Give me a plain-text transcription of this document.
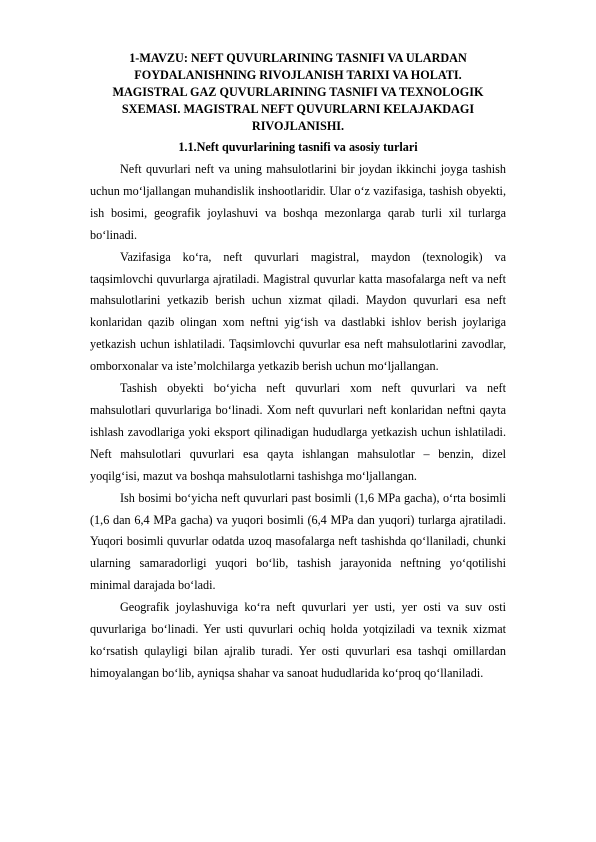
1-MAVZU: NEFT QUVURLARINING TASNIFI VA ULARDAN
FOYDALANISHNING RIVOJLANISH TARIXI VA HOLATI.
MAGISTRAL GAZ QUVURLARINING TASNIFI VA TEXNOLOGIK
SXEMASI. MAGISTRAL NEFT QUVURLARNI KELAJAKDAGI
RIVOJLANISHI.
1.1.Neft quvurlarining tasnifi va asosiy turlari

Neft quvurlari neft va uning mahsulotlarini bir joydan ikkinchi joyga tashish uchun mo‘ljallangan muhandislik inshootlaridir. Ular o‘z vazifasiga, tashish obyekti, ish bosimi, geografik joylashuvi va boshqa mezonlarga qarab turli xil turlarga bo‘linadi.

Vazifasiga ko‘ra, neft quvurlari magistral, maydon (texnologik) va taqsimlovchi quvurlarga ajratiladi. Magistral quvurlar katta masofalarga neft va neft mahsulotlarini yetkazib berish uchun xizmat qiladi. Maydon quvurlari esa neft konlaridan qazib olingan xom neftni yig‘ish va dastlabki ishlov berish joylariga yetkazish uchun ishlatiladi. Taqsimlovchi quvurlar esa neft mahsulotlarini zavodlar, omborxonalar va iste’molchilarga yetkazib berish uchun mo‘ljallangan.

Tashish obyekti bo‘yicha neft quvurlari xom neft quvurlari va neft mahsulotlari quvurlariga bo‘linadi. Xom neft quvurlari neft konlaridan neftni qayta ishlash zavodlariga yoki eksport qilinadigan hududlarga yetkazish uchun ishlatiladi. Neft mahsulotlari quvurlari esa qayta ishlangan mahsulotlar – benzin, dizel yoqilg‘isi, mazut va boshqa mahsulotlarni tashishga mo‘ljallangan.

Ish bosimi bo‘yicha neft quvurlari past bosimli (1,6 MPa gacha), o‘rta bosimli (1,6 dan 6,4 MPa gacha) va yuqori bosimli (6,4 MPa dan yuqori) turlarga ajratiladi. Yuqori bosimli quvurlar odatda uzoq masofalarga neft tashishda qo‘llaniladi, chunki ularning samaradorligi yuqori bo‘lib, tashish jarayonida neftning yo‘qotilishi minimal darajada bo‘ladi.

Geografik joylashuviga ko‘ra neft quvurlari yer usti, yer osti va suv osti quvurlariga bo‘linadi. Yer usti quvurlari ochiq holda yotqiziladi va texnik xizmat ko‘rsatish qulayligi bilan ajralib turadi. Yer osti quvurlari esa tashqi omillardan himoyalangan bo‘lib, ayniqsa shahar va sanoat hududlarida ko‘proq qo‘llaniladi.
